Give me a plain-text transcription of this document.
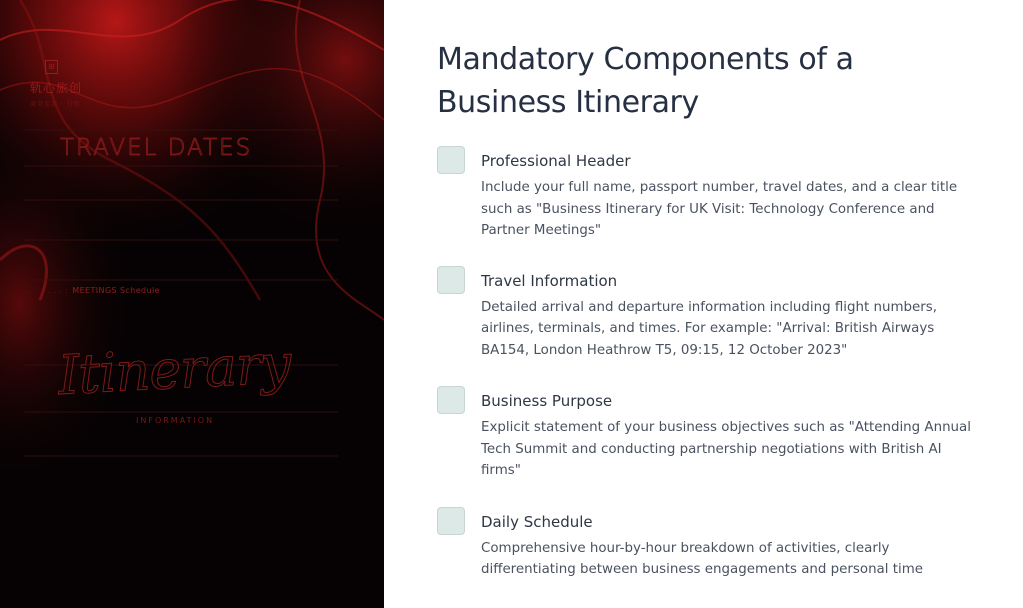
⊞
轨心旅创
商务差旅 · 行程
TRAVEL DATES
. . . . . . . : MEETINGS Schedule
Itinerary
INFORMATION
Mandatory Components of a Business Itinerary
Professional Header
Include your full name, passport number, travel dates, and a clear title such as "Business Itinerary for UK Visit: Technology Conference and Partner Meetings"
Travel Information
Detailed arrival and departure information including flight numbers, airlines, terminals, and times. For example: "Arrival: British Airways BA154, London Heathrow T5, 09:15, 12 October 2023"
Business Purpose
Explicit statement of your business objectives such as "Attending Annual Tech Summit and conducting partnership negotiations with British AI firms"
Daily Schedule
Comprehensive hour-by-hour breakdown of activities, clearly differentiating between business engagements and personal time
